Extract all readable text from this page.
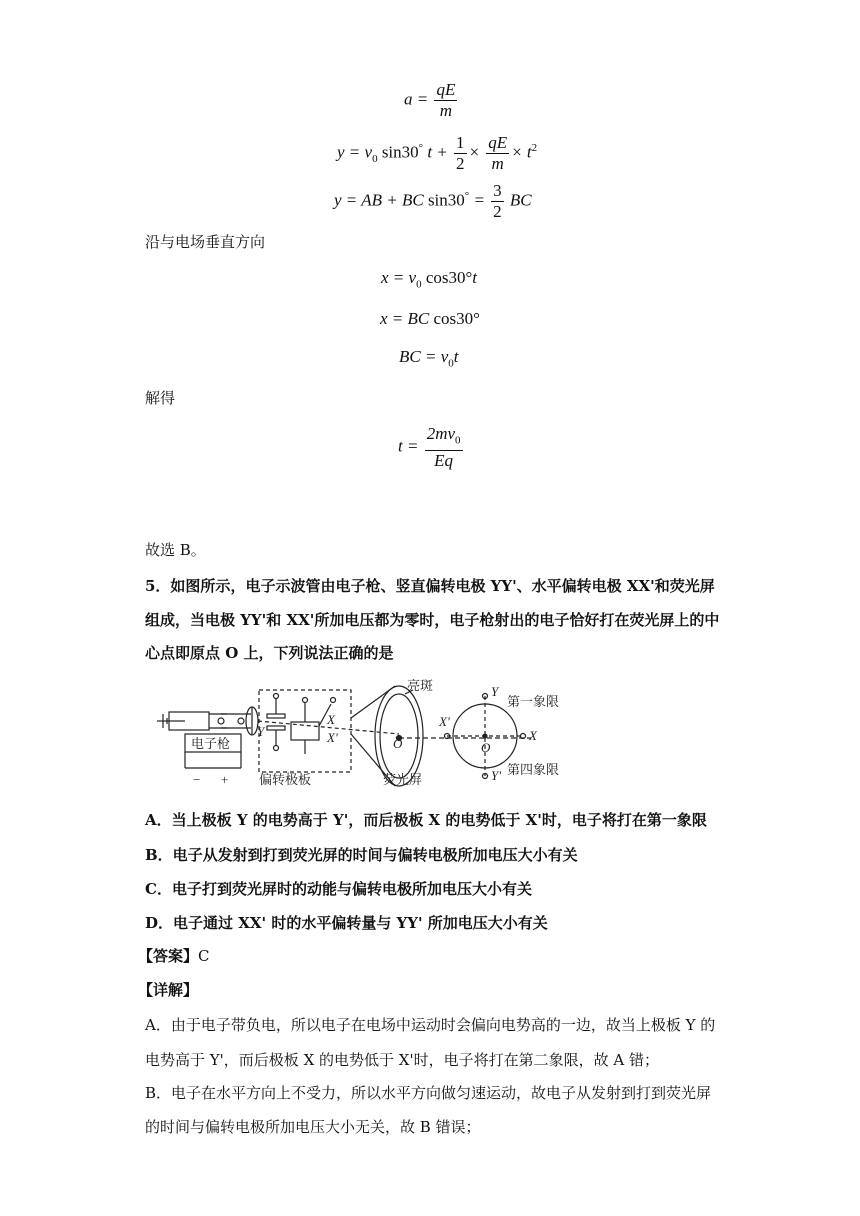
$a = \frac{qE}{m}$
$y = v_0$ sin30° $t + \frac{1}{2} \times \frac{qE}{m} \times t^2$
y = AB + BC $\sin 30^\circ = \frac{3}{2}$ BC
沿与电场垂直方向
$x = v_0$ cos30°t
x = BC cos30°
BC = $v_0t$
解得
$t = \frac{2mv_0}{Eq}$
故选 B。
5．如图所示，电子示波管由电子枪、竖直偏转电极 YY'、水平偏转电极 XX'和荧光屏
组成，当电极 YY'和 XX'所加电压都为零时，电子枪射出的电子恰好打在荧光屏上的中
心点即原点 O 上，下列说法正确的是
电子枪
− + 偏转极板	荧光屏
亮斑
第一象限
第四象限
Y
X
X'	O
Y
Y'
X'
X
O
A．当上极板 Y 的电势高于 Y'，而后极板 X 的电势低于 X'时，电子将打在第一象限
B．电子从发射到打到荧光屏的时间与偏转电极所加电压大小有关
C．电子打到荧光屏时的动能与偏转电极所加电压大小有关
D．电子通过 XX' 时的水平偏转量与 YY' 所加电压大小有关
【答案】C
【详解】
A．由于电子带负电，所以电子在电场中运动时会偏向电势高的一边，故当上极板 Y 的
电势高于 Y'，而后极板 X 的电势低于 X'时，电子将打在第二象限，故 A 错；
B．电子在水平方向上不受力，所以水平方向做匀速运动，故电子从发射到打到荧光屏
的时间与偏转电极所加电压大小无关，故 B 错误；
